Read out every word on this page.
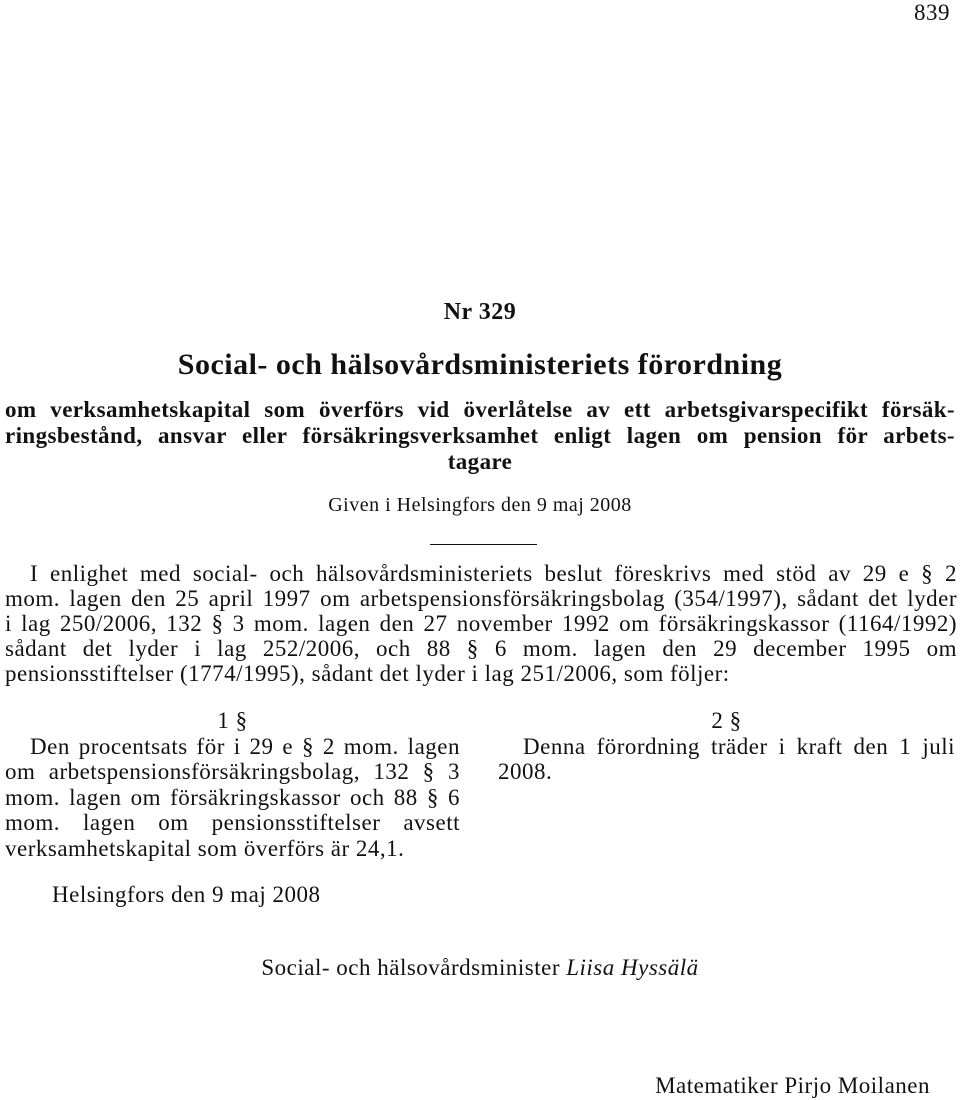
839
Nr 329
Social- och hälsovårdsministeriets förordning
om verksamhetskapital som överförs vid överlåtelse av ett arbetsgivarspecifikt försäk-
ringsbestånd, ansvar eller försäkringsverksamhet enligt lagen om pension för arbets-
tagare
Given i Helsingfors den 9 maj 2008
I enlighet med social- och hälsovårdsministeriets beslut föreskrivs med stöd av 29 e § 2
mom. lagen den 25 april 1997 om arbetspensionsförsäkringsbolag (354/1997), sådant det lyder
i lag 250/2006, 132 § 3 mom. lagen den 27 november 1992 om försäkringskassor (1164/1992)
sådant det lyder i lag 252/2006, och 88 § 6 mom. lagen den 29 december 1995 om
pensionsstiftelser (1774/1995), sådant det lyder i lag 251/2006, som följer:
1 §
Den procentsats för i 29 e § 2 mom. lagen
om arbetspensionsförsäkringsbolag, 132 § 3
mom. lagen om försäkringskassor och 88 § 6
mom. lagen om pensionsstiftelser avsett
verksamhetskapital som överförs är 24,1.
2 §
Denna förordning träder i kraft den 1 juli
2008.
Helsingfors den 9 maj 2008
Social- och hälsovårdsminister Liisa Hyssälä
Matematiker Pirjo Moilanen
